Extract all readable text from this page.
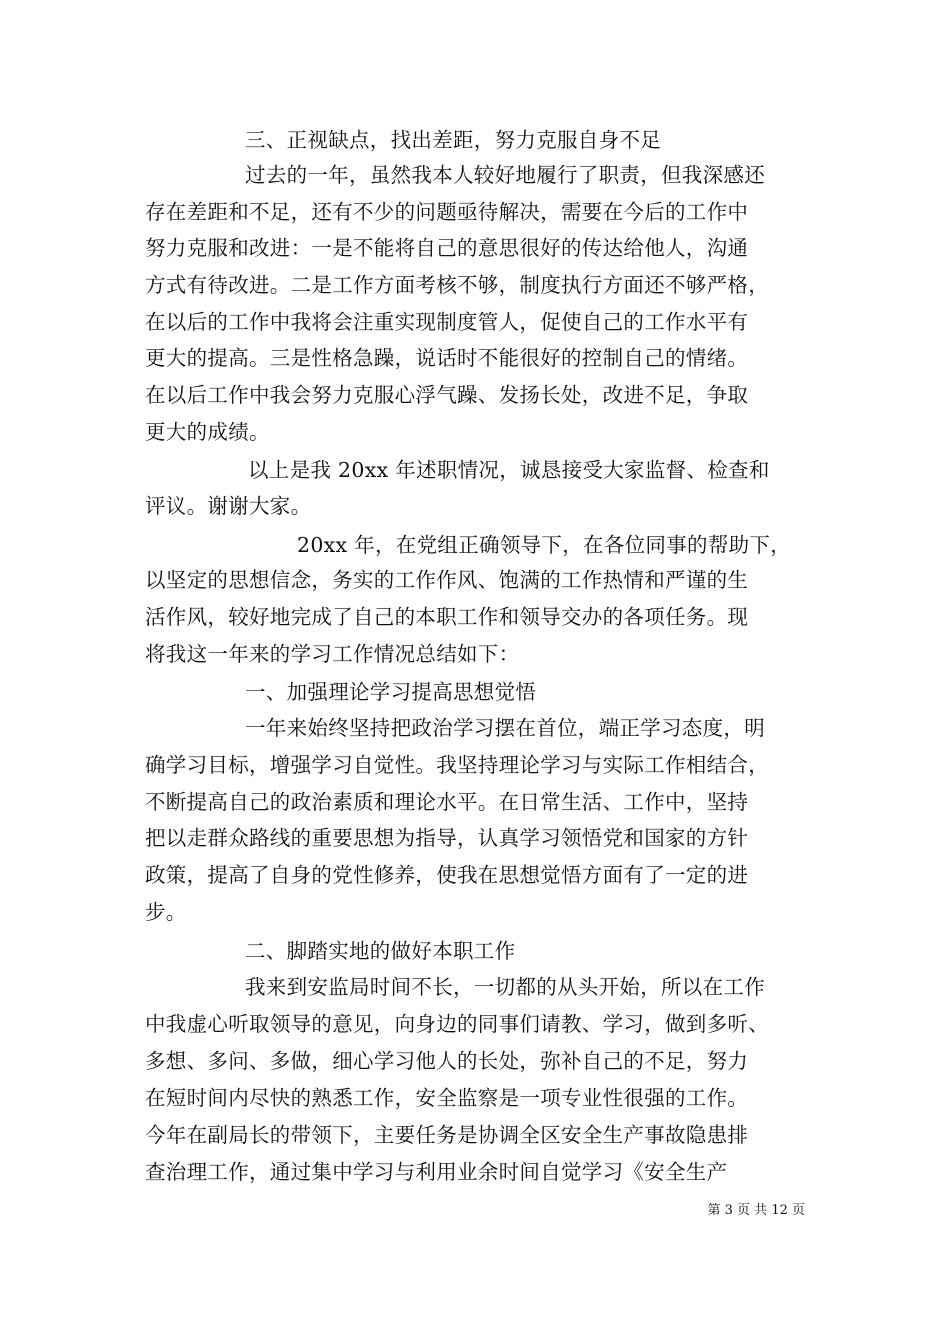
三、正视缺点，找出差距，努力克服自身不足
过去的一年，虽然我本人较好地履行了职责，但我深感还
存在差距和不足，还有不少的问题亟待解决，需要在今后的工作中
努力克服和改进：一是不能将自己的意思很好的传达给他人，沟通
方式有待改进。二是工作方面考核不够，制度执行方面还不够严格，
在以后的工作中我将会注重实现制度管人，促使自己的工作水平有
更大的提高。三是性格急躁，说话时不能很好的控制自己的情绪。
在以后工作中我会努力克服心浮气躁、发扬长处，改进不足，争取
更大的成绩。
以上是我 20xx 年述职情况，诚恳接受大家监督、检查和
评议。谢谢大家。
20xx 年，在党组正确领导下，在各位同事的帮助下，
以坚定的思想信念，务实的工作作风、饱满的工作热情和严谨的生
活作风，较好地完成了自己的本职工作和领导交办的各项任务。现
将我这一年来的学习工作情况总结如下：
一、加强理论学习提高思想觉悟
一年来始终坚持把政治学习摆在首位，端正学习态度，明
确学习目标，增强学习自觉性。我坚持理论学习与实际工作相结合，
不断提高自己的政治素质和理论水平。在日常生活、工作中，坚持
把以走群众路线的重要思想为指导，认真学习领悟党和国家的方针
政策，提高了自身的党性修养，使我在思想觉悟方面有了一定的进
步。
二、脚踏实地的做好本职工作
我来到安监局时间不长，一切都的从头开始，所以在工作
中我虚心听取领导的意见，向身边的同事们请教、学习，做到多听、
多想、多问、多做，细心学习他人的长处，弥补自己的不足，努力
在短时间内尽快的熟悉工作，安全监察是一项专业性很强的工作。
今年在副局长的带领下，主要任务是协调全区安全生产事故隐患排
查治理工作，通过集中学习与利用业余时间自觉学习《安全生产
第 3 页 共 12 页
